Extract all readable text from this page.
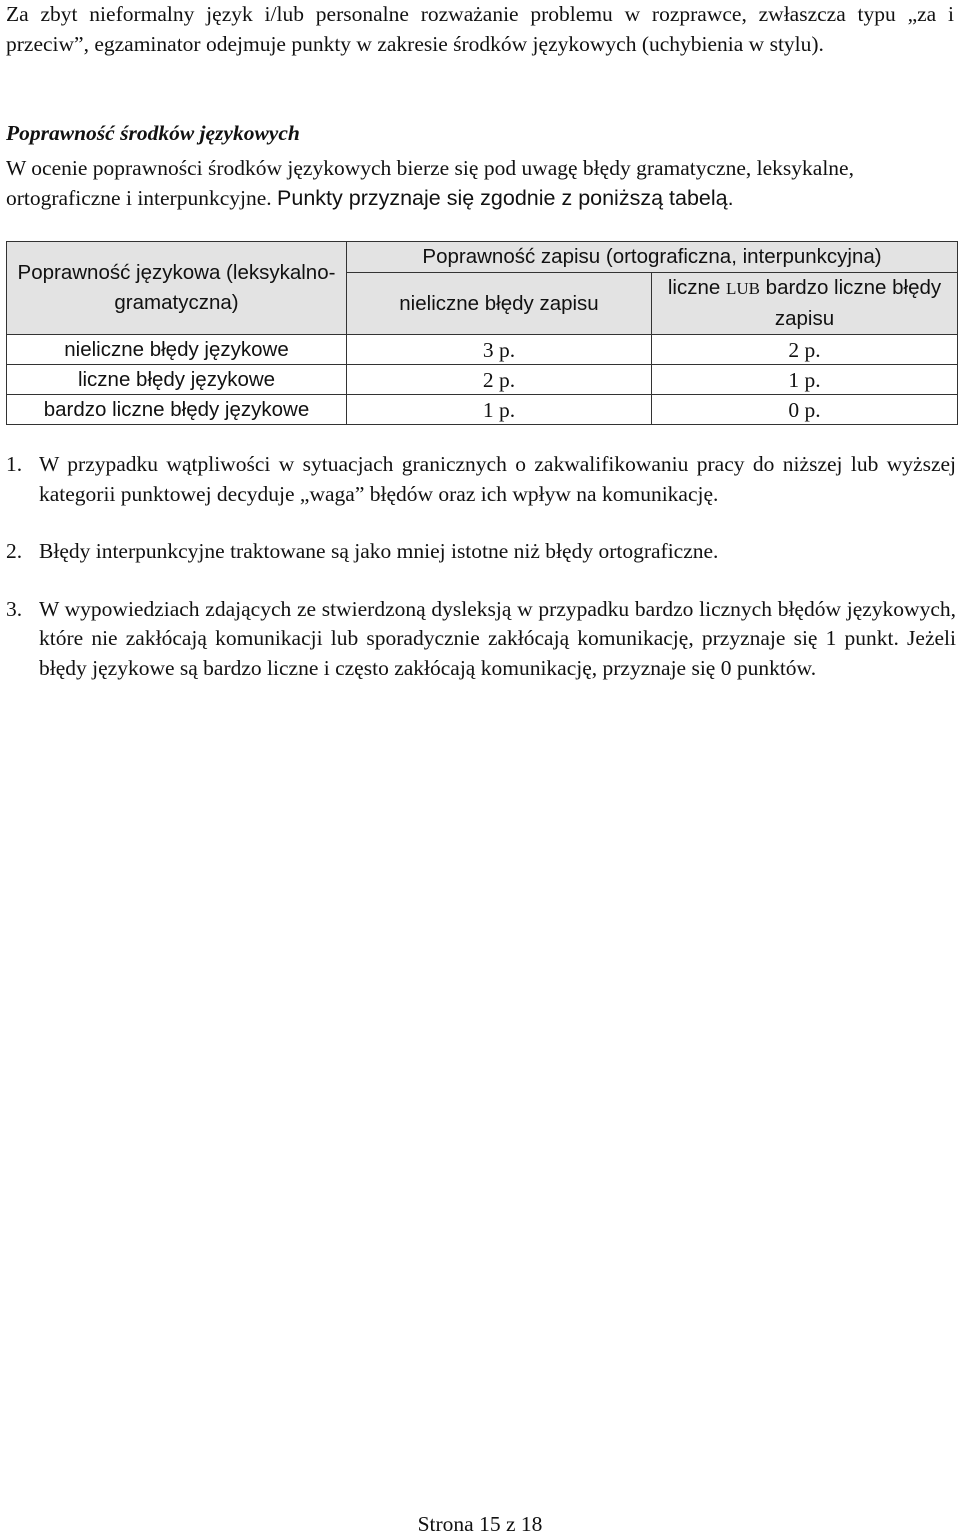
Za zbyt nieformalny język i/lub personalne rozważanie problemu w rozprawce, zwłaszcza typu „za i przeciw”, egzaminator odejmuje punkty w zakresie środków językowych (uchybienia w stylu).
Poprawność środków językowych
W ocenie poprawności środków językowych bierze się pod uwagę błędy gramatyczne, leksykalne, ortograficzne i interpunkcyjne. Punkty przyznaje się zgodnie z poniższą tabelą.
Poprawność językowa (leksykalno-gramatyczna)	Poprawność zapisu (ortograficzna, interpunkcyjna)	
	nieliczne błędy zapisu	liczne LUB bardzo liczne błędy zapisu
nieliczne błędy językowe	3 p.	2 p.
liczne błędy językowe	2 p.	1 p.
bardzo liczne błędy językowe	1 p.	0 p.
1. W przypadku wątpliwości w sytuacjach granicznych o zakwalifikowaniu pracy do niższej lub wyższej kategorii punktowej decyduje „waga” błędów oraz ich wpływ na komunikację.
2. Błędy interpunkcyjne traktowane są jako mniej istotne niż błędy ortograficzne.
3. W wypowiedziach zdających ze stwierdzoną dysleksją w przypadku bardzo licznych błędów językowych, które nie zakłócają komunikacji lub sporadycznie zakłócają komunikację, przyznaje się 1 punkt. Jeżeli błędy językowe są bardzo liczne i często zakłócają komunikację, przyznaje się 0 punktów.
Strona 15 z 18
